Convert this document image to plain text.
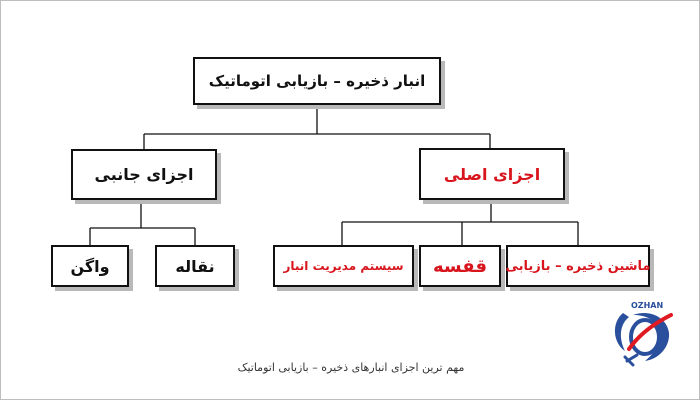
انبار ذخیره – بازیابی اتوماتیک
اجزای جانبی	اجزای اصلی
نقاله
واگن	ماشین ذخیره – بازیابی
قفسه
سیستم مدیریت انبار
OZHAN
مهم ترین اجزای انبارهای ذخیره – بازیابی اتوماتیک
